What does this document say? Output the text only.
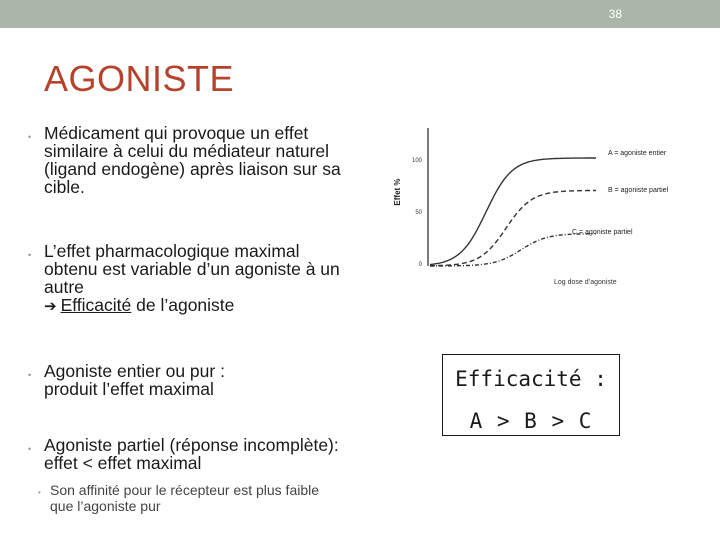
38
AGONISTE
• Médicament qui provoque un effet
similaire à celui du médiateur naturel
(ligand endogène) après liaison sur sa
cible.
• L’effet pharmacologique maximal
obtenu est variable d’un agoniste à un
autre
➔ Efficacité de l’agoniste
• Agoniste entier ou pur :
produit l’effet maximal
• Agoniste partiel (réponse incomplète):
effet < effet maximal
• Son affinité pour le récepteur est plus faible
que l’agoniste pur
Effet %
100
50
0
A = agoniste entier
B = agoniste partiel
C = agoniste partiel
Log dose d’agoniste
Efficacité :
A > B > C
